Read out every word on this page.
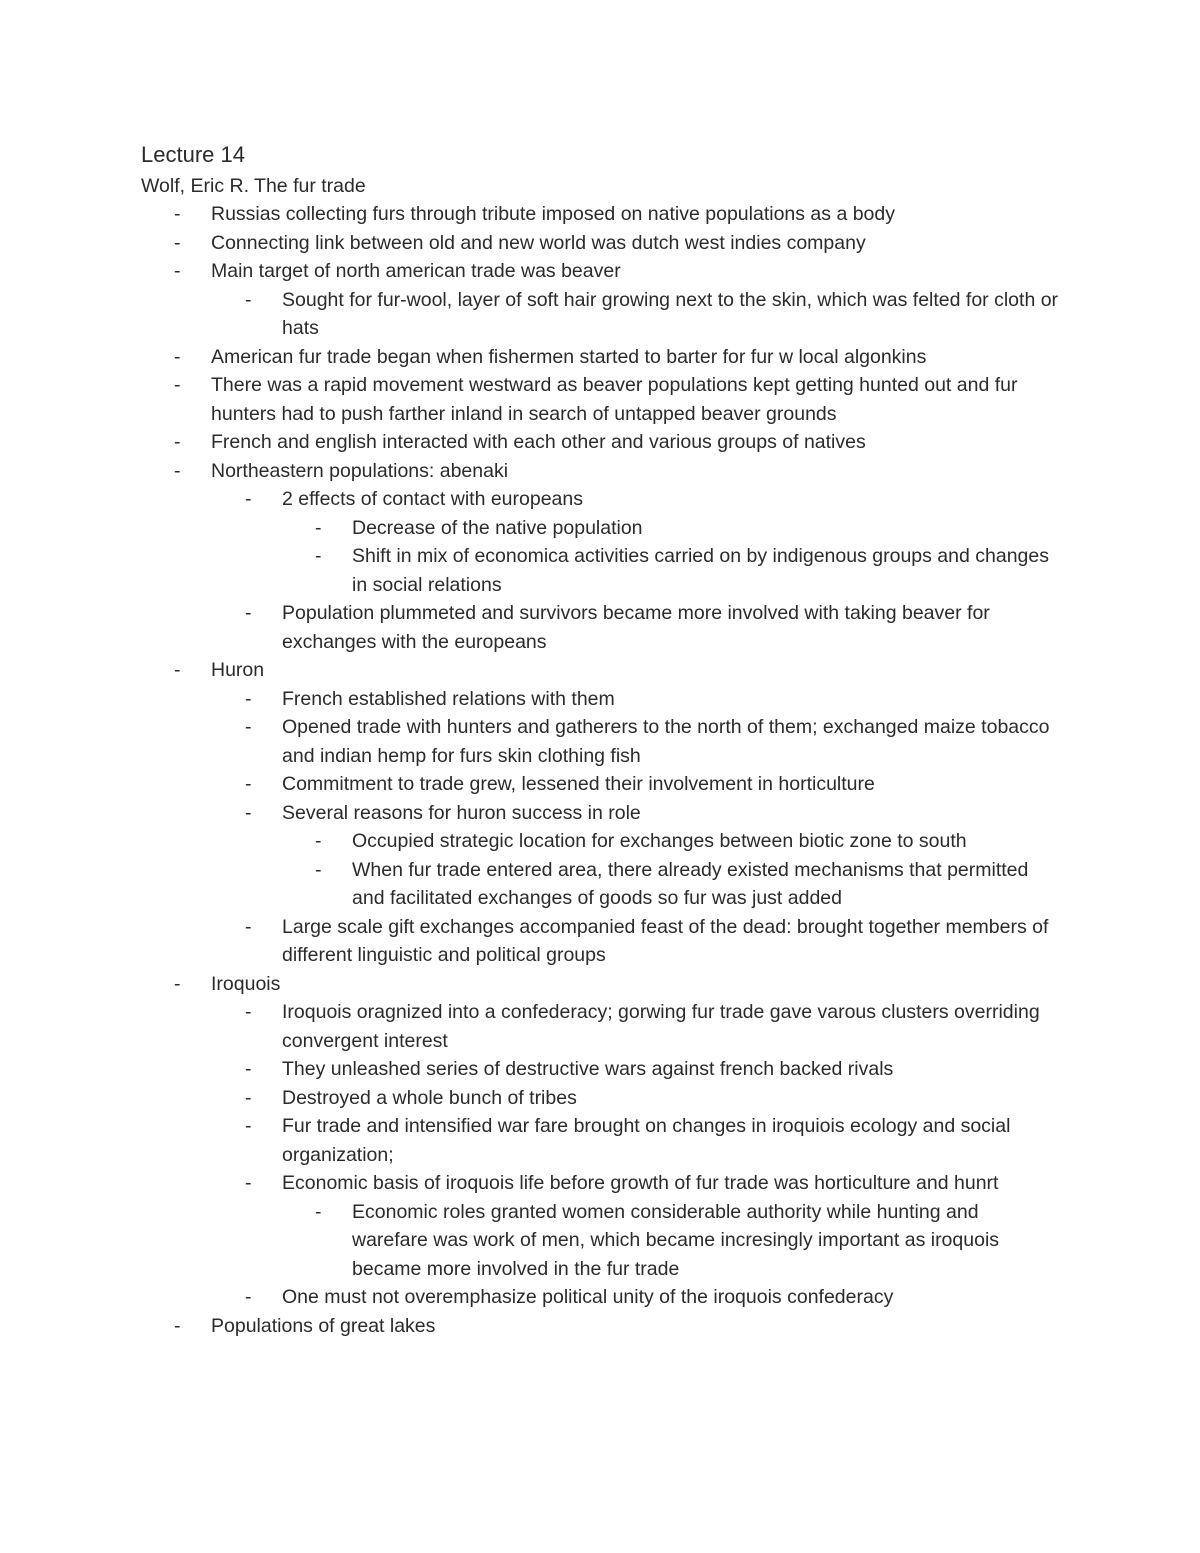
Lecture 14
Wolf, Eric R. The fur trade
- Russias collecting furs through tribute imposed on native populations as a body
- Connecting link between old and new world was dutch west indies company
- Main target of north american trade was beaver
- Sought for fur-wool, layer of soft hair growing next to the skin, which was felted for cloth or hats
- American fur trade began when fishermen started to barter for fur w local algonkins
- There was a rapid movement westward as beaver populations kept getting hunted out and fur hunters had to push farther inland in search of untapped beaver grounds
- French and english interacted with each other and various groups of natives
- Northeastern populations: abenaki
- 2 effects of contact with europeans
- Decrease of the native population
- Shift in mix of economica activities carried on by indigenous groups and changes in social relations
- Population plummeted and survivors became more involved with taking beaver for exchanges with the europeans
- Huron
- French established relations with them
- Opened trade with hunters and gatherers to the north of them; exchanged maize tobacco and indian hemp for furs skin clothing fish
- Commitment to trade grew, lessened their involvement in horticulture
- Several reasons for huron success in role
- Occupied strategic location for exchanges between biotic zone to south
- When fur trade entered area, there already existed mechanisms that permitted and facilitated exchanges of goods so fur was just added
- Large scale gift exchanges accompanied feast of the dead: brought together members of different linguistic and political groups
- Iroquois
- Iroquois oragnized into a confederacy; gorwing fur trade gave varous clusters overriding convergent interest
- They unleashed series of destructive wars against french backed rivals
- Destroyed a whole bunch of tribes
- Fur trade and intensified war fare brought on changes in iroquiois ecology and social organization;
- Economic basis of iroquois life before growth of fur trade was horticulture and hunrt
- Economic roles granted women considerable authority while hunting and warefare was work of men, which became incresingly important as iroquois became more involved in the fur trade
- One must not overemphasize political unity of the iroquois confederacy
- Populations of great lakes
